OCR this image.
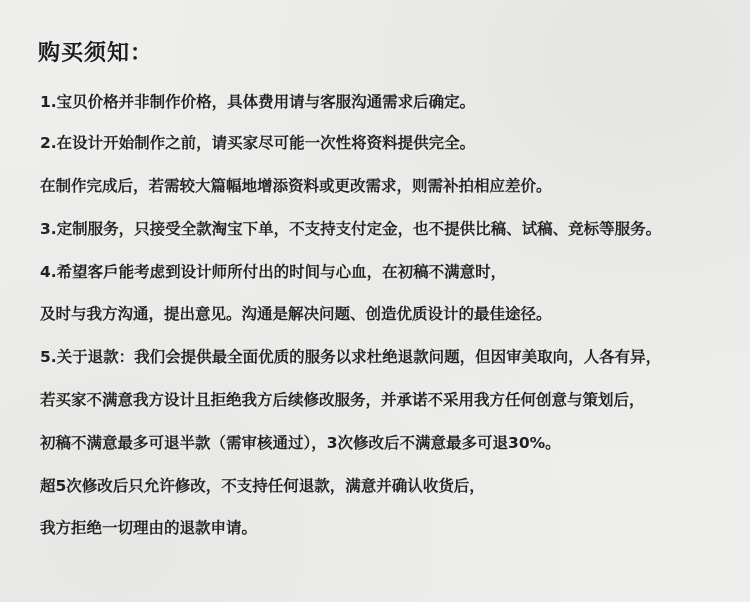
购买须知：
1.宝贝价格并非制作价格，具体费用请与客服沟通需求后确定。
2.在设计开始制作之前，请买家尽可能一次性将资料提供完全。
在制作完成后，若需较大篇幅地增添资料或更改需求，则需补拍相应差价。
3.定制服务，只接受全款淘宝下单，不支持支付定金，也不提供比稿、试稿、竞标等服务。
4.希望客戶能考虑到设计师所付出的时间与心血，在初稿不满意时，
及时与我方沟通，提出意见。沟通是解决问题、创造优质设计的最佳途径。
5.关于退款：我们会提供最全面优质的服务以求杜绝退款问题，但因审美取向，人各有异，
若买家不满意我方设计且拒绝我方后续修改服务，并承诺不采用我方任何创意与策划后，
初稿不满意最多可退半款（需审核通过），3次修改后不满意最多可退30%。
超5次修改后只允许修改，不支持任何退款，满意并确认收货后，
我方拒绝一切理由的退款申请。
